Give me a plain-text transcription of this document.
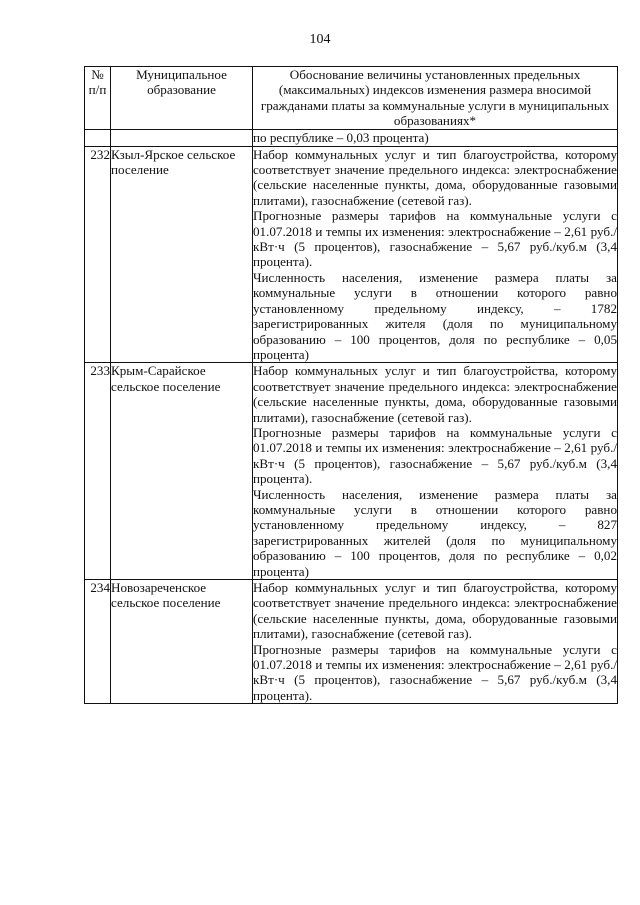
104
№
п/п	Муниципальное образование	Обоснование величины установленных предельных (максимальных) индексов изменения размера вносимой гражданами платы за коммунальные услуги в муниципальных образованиях*
		по республике – 0,03 процента)
232	Кзыл-Ярское сельское поселение	Набор коммунальных услуг и тип благоустройства, которому соответствует значение предельного индекса: электроснабжение (сельские населенные пункты, дома, оборудованные газовыми плитами), газоснабжение (сетевой газ).

Прогнозные размеры тарифов на коммунальные услуги с 01.07.2018 и темпы их изменения: электроснабжение – 2,61 руб./кВт·ч (5 процентов), газоснабжение – 5,67 руб./куб.м (3,4 процента).

Численность населения, изменение размера платы за коммунальные услуги в отношении которого равно установленному предельному индексу, – 1782 зарегистрированных жителя (доля по муниципальному образованию – 100 процентов, доля по республике – 0,05 процента)

233	Крым-Сарайское сельское поселение	Набор коммунальных услуг и тип благоустройства, которому соответствует значение предельного индекса: электроснабжение (сельские населенные пункты, дома, оборудованные газовыми плитами), газоснабжение (сетевой газ).

Прогнозные размеры тарифов на коммунальные услуги с 01.07.2018 и темпы их изменения: электроснабжение – 2,61 руб./кВт·ч (5 процентов), газоснабжение – 5,67 руб./куб.м (3,4 процента).

Численность населения, изменение размера платы за коммунальные услуги в отношении которого равно установленному предельному индексу, – 827 зарегистрированных жителей (доля по муниципальному образованию – 100 процентов, доля по республике – 0,02 процента)

234	Новозареченское сельское поселение	Набор коммунальных услуг и тип благоустройства, которому соответствует значение предельного индекса: электроснабжение (сельские населенные пункты, дома, оборудованные газовыми плитами), газоснабжение (сетевой газ).

Прогнозные размеры тарифов на коммунальные услуги с 01.07.2018 и темпы их изменения: электроснабжение – 2,61 руб./кВт·ч (5 процентов), газоснабжение – 5,67 руб./куб.м (3,4 процента).
